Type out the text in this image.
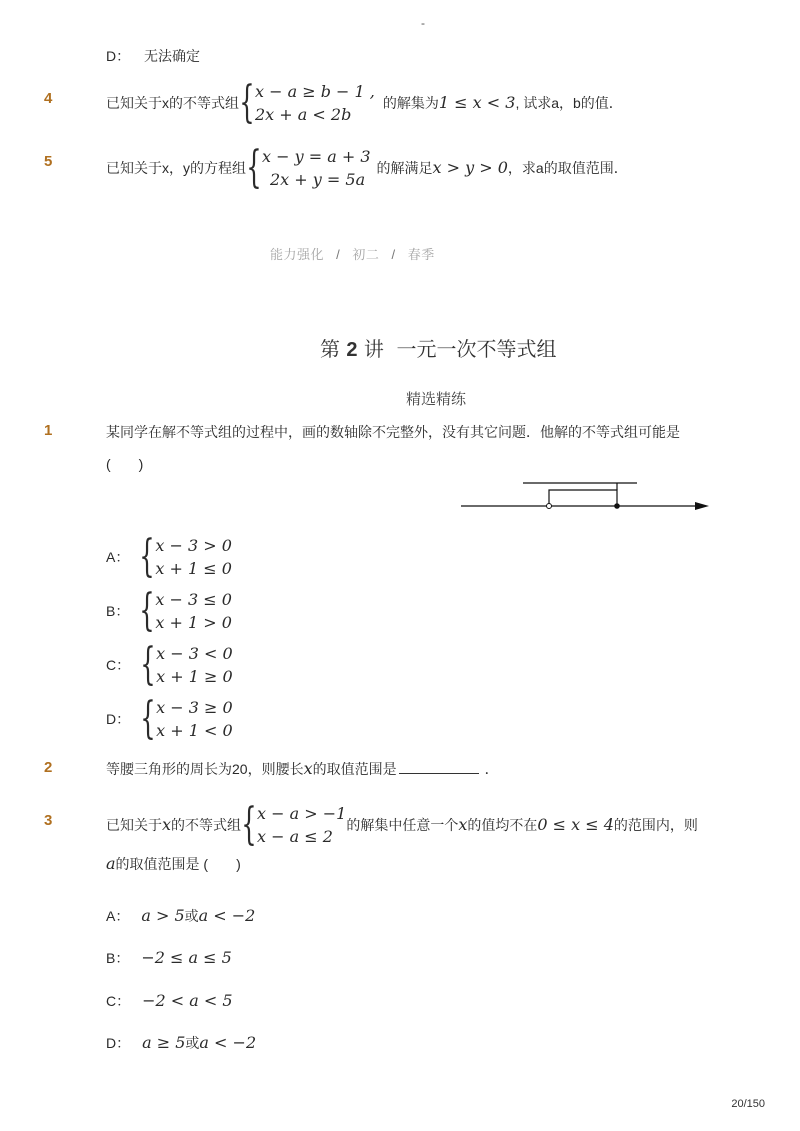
-
D： 无法确定
4	已知关于x的不等式组 { x − a ≥ b − 1 ,
2x + a < 2b
的解集为 1 ≤ x < 3 , 试求a，b的值．
5	已知关于x，y的方程组 { x − y = a + 3
2x + y = 5a
的解满足 x > y > 0 ，求a的取值范围．
能力强化 / 初二 / 春季
第 2 讲  一元一次不等式组
精选精练
1	某同学在解不等式组的过程中，画的数轴除不完整外，没有其它问题．他解的不等式组可能是
(　　)
A： { x − 3 > 0
x + 1 ≤ 0
B： { x − 3 ≤ 0
x + 1 > 0
C： { x − 3 < 0
x + 1 ≥ 0
D： { x − 3 ≥ 0
x + 1 < 0
2	等腰三角形的周长为20，则腰长x的取值范围是	．
3	已知关于 x 的不等式组 { x − a > −1
x − a ≤ 2
的解集中任意一个 x 的值均不在 0 ≤ x ≤ 4 的范围内，则
a的取值范围是 (　　)
A： a > 5或a < −2
B： −2 ≤ a ≤ 5
C： −2 < a < 5
D： a ≥ 5或a < −2
20/150
